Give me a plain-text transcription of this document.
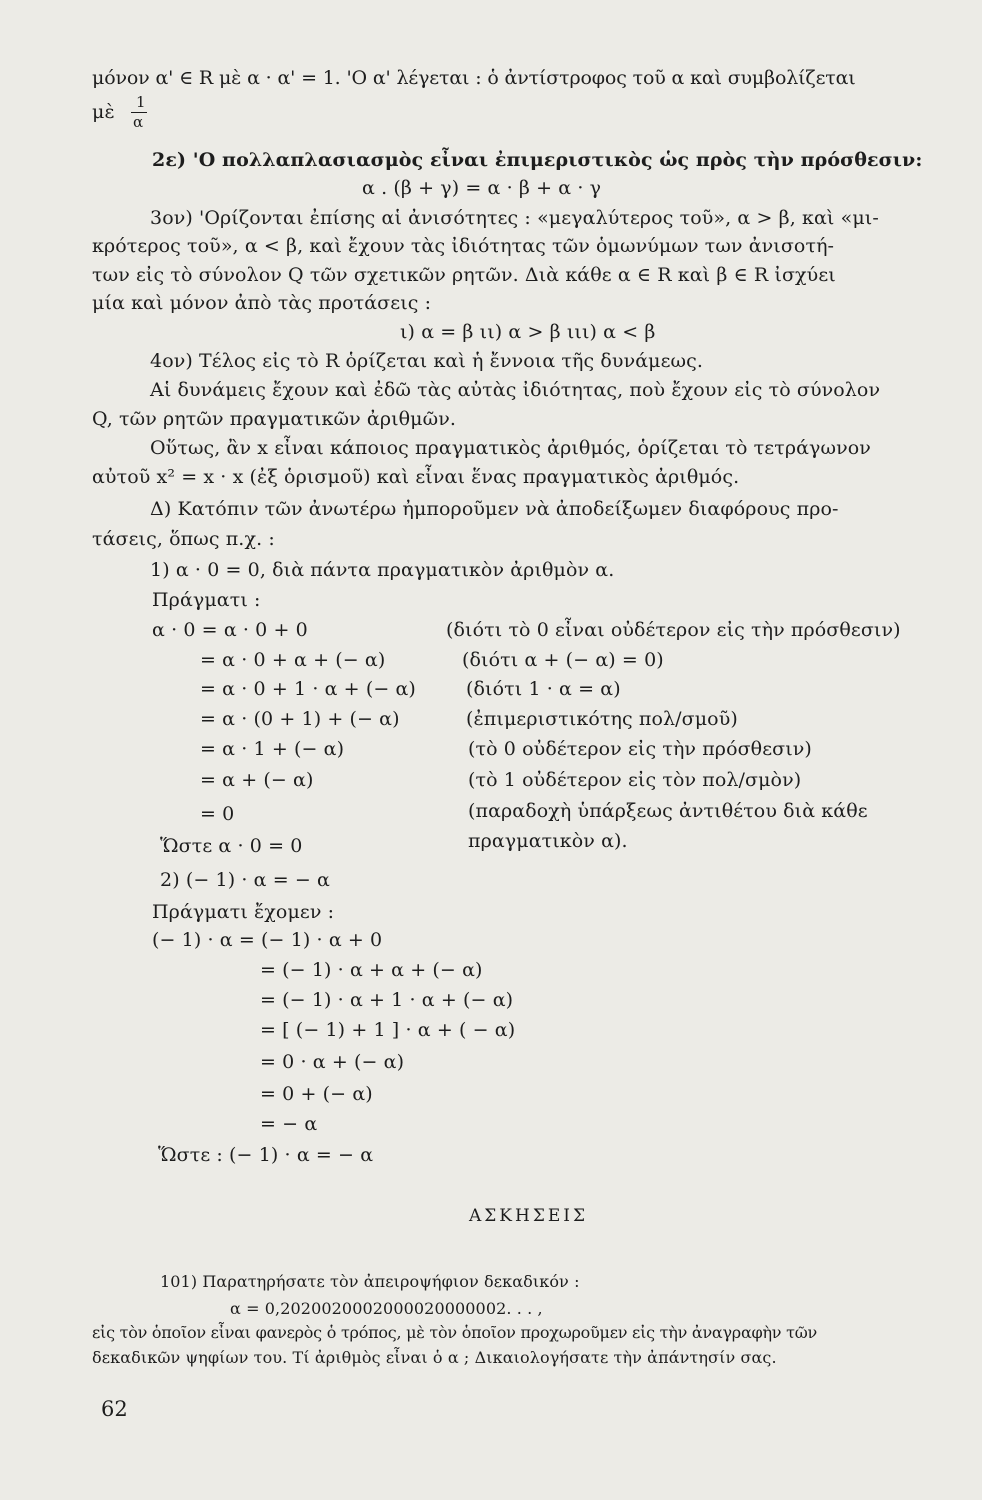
μόνον α' ∈ R μὲ α · α' = 1. 'Ο α' λέγεται : ὁ ἀντίστροφος τοῦ α καὶ συμβολίζεται
μὲ 1
α
2ε) 'Ο πολλαπλασιασμὸς εἶναι ἐπιμεριστικὸς ὡς πρὸς τὴν πρόσθεσιν:
α . (β + γ) = α · β + α · γ
3ον) 'Ορίζονται ἐπίσης αἱ ἀνισότητες : «μεγαλύτερος τοῦ», α > β, καὶ «μι-
κρότερος τοῦ», α < β, καὶ ἔχουν τὰς ἰδιότητας τῶν ὁμωνύμων των ἀνισοτή-
των εἰς τὸ σύνολον Q τῶν σχετικῶν ρητῶν. Διὰ κάθε α ∈ R καὶ β ∈ R ἰσχύει
μία καὶ μόνον ἀπὸ τὰς προτάσεις :
ι) α = β ιι) α > β ιιι) α < β
4ον) Τέλος εἰς τὸ R ὁρίζεται καὶ ἡ ἔννοια τῆς δυνάμεως.
Αἱ δυνάμεις ἔχουν καὶ ἐδῶ τὰς αὐτὰς ἰδιότητας, ποὺ ἔχουν εἰς τὸ σύνολον
Q, τῶν ρητῶν πραγματικῶν ἀριθμῶν.
Οὕτως, ἂν x εἶναι κάποιος πραγματικὸς ἀριθμός, ὁρίζεται τὸ τετράγωνον
αὐτοῦ x² = x · x (ἐξ ὁρισμοῦ) καὶ εἶναι ἕνας πραγματικὸς ἀριθμός.
Δ) Κατόπιν τῶν ἀνωτέρω ἠμποροῦμεν νὰ ἀποδείξωμεν διαφόρους προ-
τάσεις, ὅπως π.χ. :
1) α · 0 = 0, διὰ πάντα πραγματικὸν ἀριθμὸν α.
Πράγματι :
α · 0 = α · 0 + 0
= α · 0 + α + (− α)
= α · 0 + 1 · α + (− α)
= α · (0 + 1) + (− α)
= α · 1 + (− α)
= α + (− α)
= 0
Ὥστε α · 0 = 0
(διότι τὸ 0 εἶναι οὐδέτερον εἰς τὴν πρόσθεσιν)
(διότι α + (− α) = 0)
(διότι 1 · α = α)
(ἐπιμεριστικότης πολ/σμοῦ)
(τὸ 0 οὐδέτερον εἰς τὴν πρόσθεσιν)
(τὸ 1 οὐδέτερον εἰς τὸν πολ/σμὸν)
(παραδοχὴ ὑπάρξεως ἀντιθέτου διὰ κάθε
πραγματικὸν α).
2) (− 1) · α = − α
Πράγματι ἔχομεν :
(− 1) · α = (− 1) · α + 0
= (− 1) · α + α + (− α)
= (− 1) · α + 1 · α + (− α)
= [ (− 1) + 1 ] · α + ( − α)
= 0 · α + (− α)
= 0 + (− α)
= − α
Ὥστε : (− 1) · α = − α
ΑΣΚΗΣΕΙΣ
101) Παρατηρήσατε τὸν ἀπειροψήφιον δεκαδικόν :
α = 0,2020020002000020000002. . . ,
εἰς τὸν ὁποῖον εἶναι φανερὸς ὁ τρόπος, μὲ τὸν ὁποῖον προχωροῦμεν εἰς τὴν ἀναγραφὴν τῶν
δεκαδικῶν ψηφίων του. Τί ἀριθμὸς εἶναι ὁ α ; Δικαιολογήσατε τὴν ἀπάντησίν σας.
62
